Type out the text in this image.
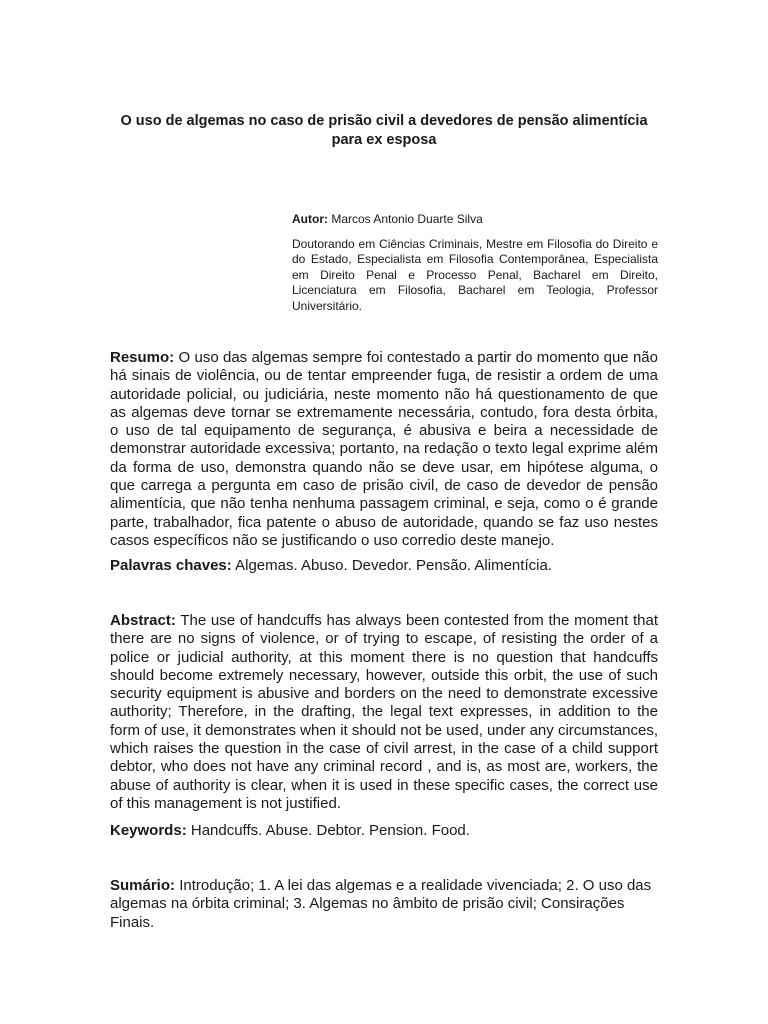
O uso de algemas no caso de prisão civil a devedores de pensão alimentícia para ex esposa

Autor: Marcos Antonio Duarte Silva

Doutorando em Ciências Criminais, Mestre em Filosofia do Direito e do Estado, Especialista em Filosofia Contemporânea, Especialista em Direito Penal e Processo Penal, Bacharel em Direito, Licenciatura em Filosofia, Bacharel em Teologia, Professor Universitário.

Resumo: O uso das algemas sempre foi contestado a partir do momento que não há sinais de violência, ou de tentar empreender fuga, de resistir a ordem de uma autoridade policial, ou judiciária, neste momento não há questionamento de que as algemas deve tornar se extremamente necessária, contudo, fora desta órbita, o uso de tal equipamento de segurança, é abusiva e beira a necessidade de demonstrar autoridade excessiva; portanto, na redação o texto legal exprime além da forma de uso, demonstra quando não se deve usar, em hipótese alguma, o que carrega a pergunta em caso de prisão civil, de caso de devedor de pensão alimentícia, que não tenha nenhuma passagem criminal, e seja, como o é grande parte, trabalhador, fica patente o abuso de autoridade, quando se faz uso nestes casos específicos não se justificando o uso corredio deste manejo.

Palavras chaves: Algemas. Abuso. Devedor. Pensão. Alimentícia.

Abstract: The use of handcuffs has always been contested from the moment that there are no signs of violence, or of trying to escape, of resisting the order of a police or judicial authority, at this moment there is no question that handcuffs should become extremely necessary, however, outside this orbit, the use of such security equipment is abusive and borders on the need to demonstrate excessive authority; Therefore, in the drafting, the legal text expresses, in addition to the form of use, it demonstrates when it should not be used, under any circumstances, which raises the question in the case of civil arrest, in the case of a child support debtor, who does not have any criminal record , and is, as most are, workers, the abuse of authority is clear, when it is used in these specific cases, the correct use of this management is not justified.

Keywords: Handcuffs. Abuse. Debtor. Pension. Food.

Sumário: Introdução; 1. A lei das algemas e a realidade vivenciada; 2. O uso das algemas na órbita criminal; 3. Algemas no âmbito de prisão civil; Consirações Finais.
